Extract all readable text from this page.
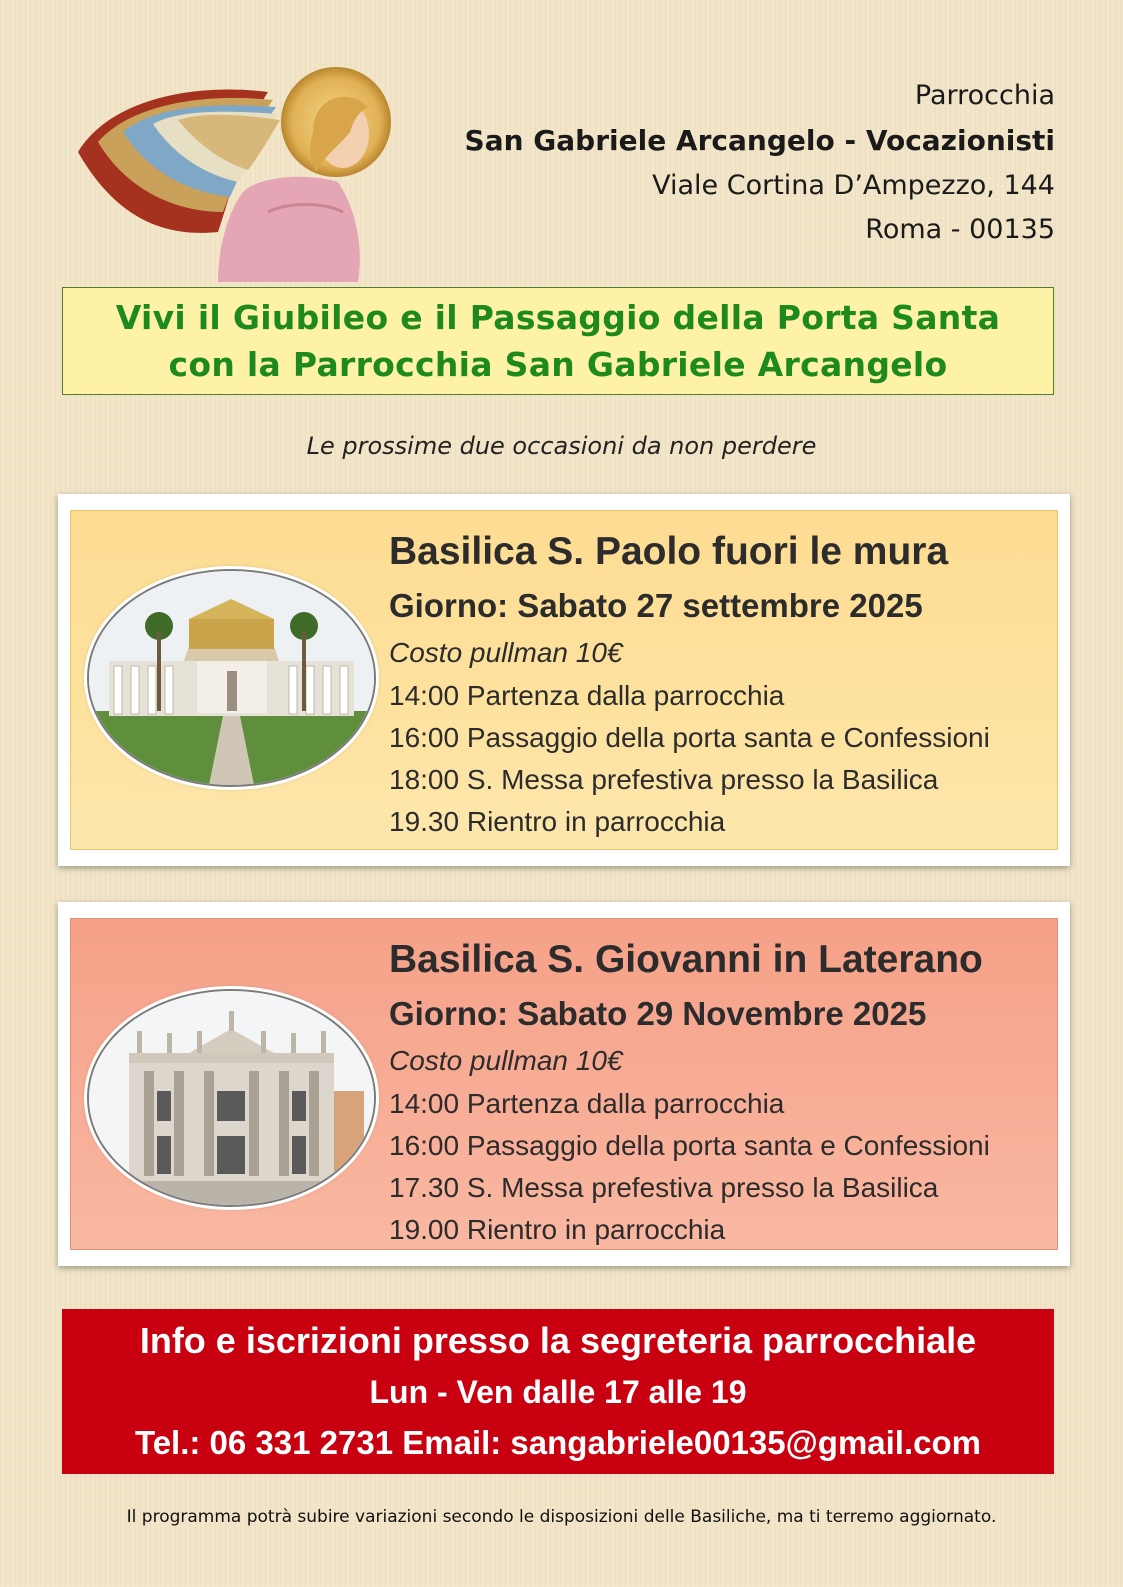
Parrocchia
San Gabriele Arcangelo - Vocazionisti
Viale Cortina D’Ampezzo, 144
Roma - 00135
Vivi il Giubileo e il Passaggio della Porta Santa
con la Parrocchia San Gabriele Arcangelo
Le prossime due occasioni da non perdere
Basilica S. Paolo fuori le mura
Giorno: Sabato 27 settembre 2025
Costo pullman 10€
14:00 Partenza dalla parrocchia
16:00 Passaggio della porta santa e Confessioni
18:00 S. Messa prefestiva presso la Basilica
19.30 Rientro in parrocchia
Basilica S. Giovanni in Laterano
Giorno: Sabato 29 Novembre 2025
Costo pullman 10€
14:00 Partenza dalla parrocchia
16:00 Passaggio della porta santa e Confessioni
17.30 S. Messa prefestiva presso la Basilica
19.00 Rientro in parrocchia
Info e iscrizioni presso la segreteria parrocchiale
Lun - Ven dalle 17 alle 19
Tel.: 06 331 2731 Email: sangabriele00135@gmail.com
Il programma potrà subire variazioni secondo le disposizioni delle Basiliche, ma ti terremo aggiornato.
